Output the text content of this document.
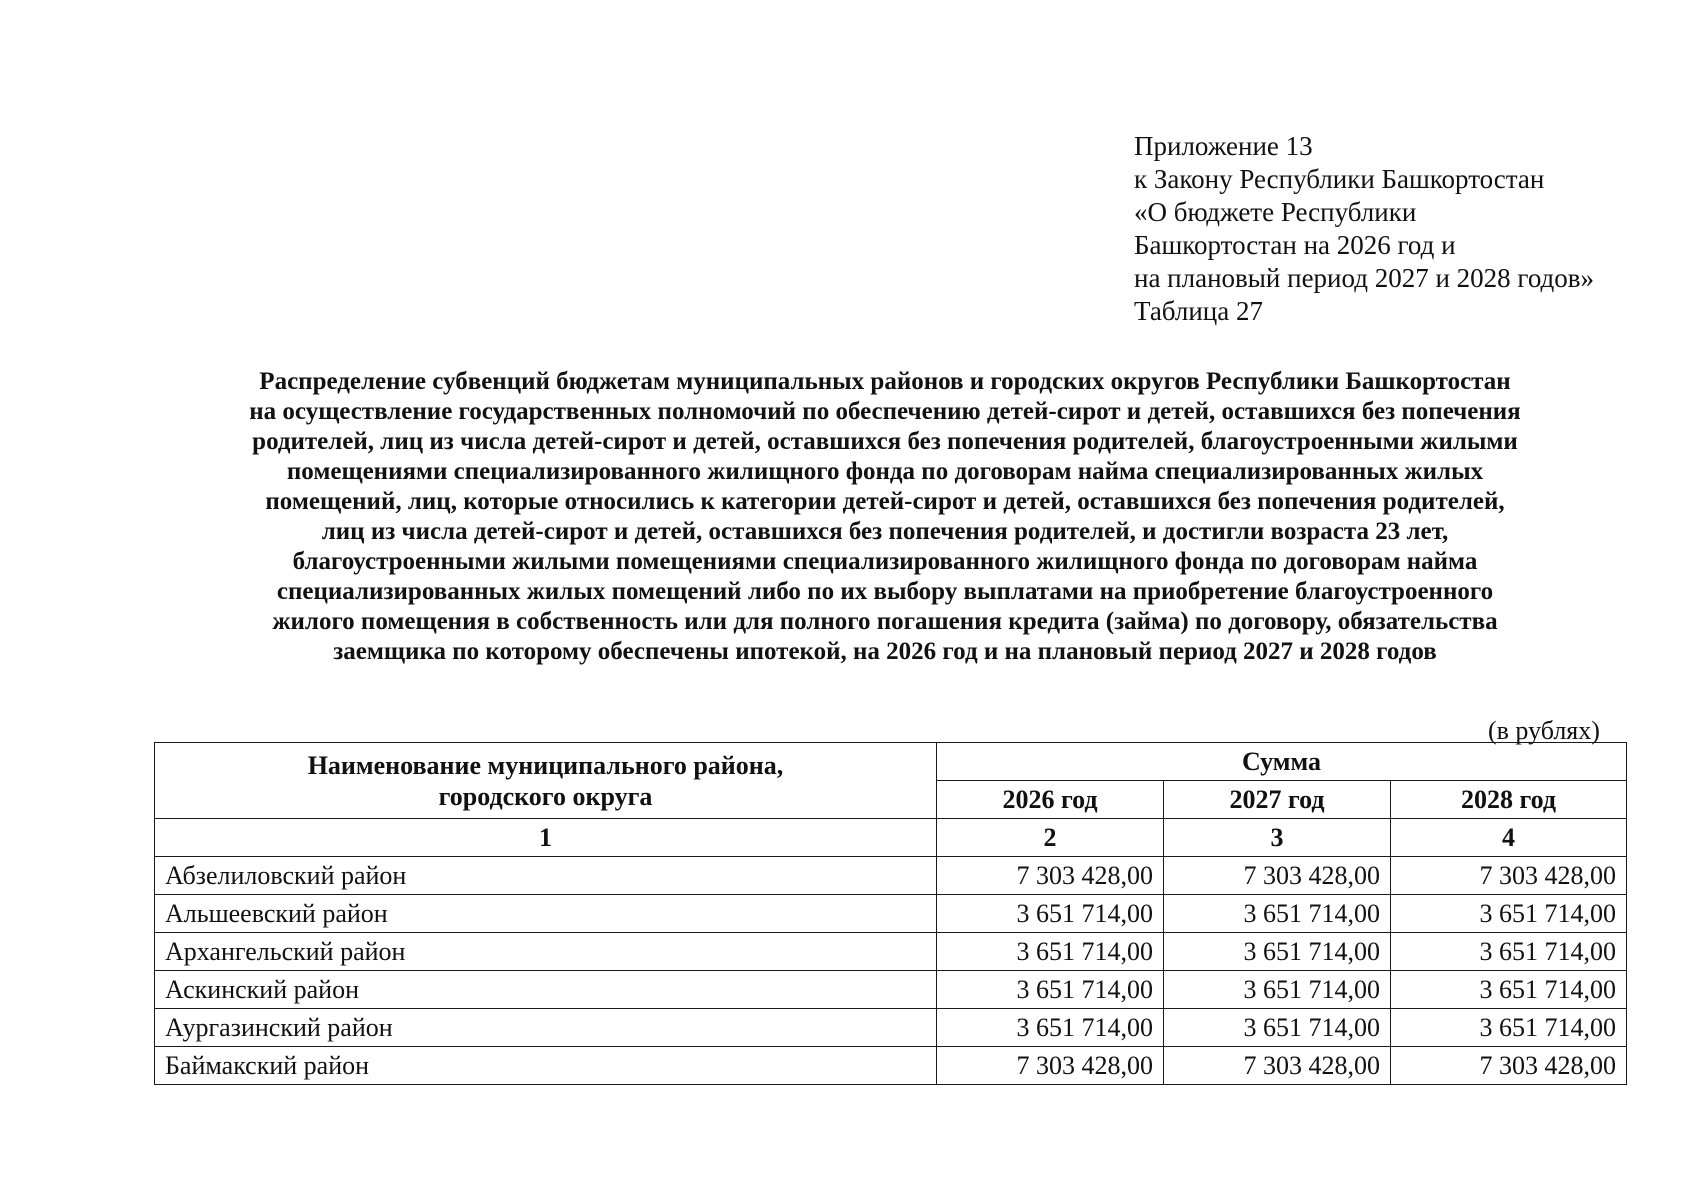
Приложение 13
к Закону Республики Башкортостан
«О бюджете Республики
Башкортостан на 2026 год и
на плановый период 2027 и 2028 годов»
Таблица 27
Распределение субвенций бюджетам муниципальных районов и городских округов Республики Башкортостан
на осуществление государственных полномочий по обеспечению детей-сирот и детей, оставшихся без попечения
родителей, лиц из числа детей-сирот и детей, оставшихся без попечения родителей, благоустроенными жилыми
помещениями специализированного жилищного фонда по договорам найма специализированных жилых
помещений, лиц, которые относились к категории детей-сирот и детей, оставшихся без попечения родителей,
лиц из числа детей-сирот и детей, оставшихся без попечения родителей, и достигли возраста 23 лет,
благоустроенными жилыми помещениями специализированного жилищного фонда по договорам найма
специализированных жилых помещений либо по их выбору выплатами на приобретение благоустроенного
жилого помещения в собственность или для полного погашения кредита (займа) по договору, обязательства
заемщика по которому обеспечены ипотекой, на 2026 год и на плановый период 2027 и 2028 годов
(в рублях)
Наименование муниципального района,
городского округа	Сумма		
	2026 год	2027 год	2028 год
1	2	3	4
Абзелиловский район	7 303 428,00	7 303 428,00	7 303 428,00
Альшеевский район	3 651 714,00	3 651 714,00	3 651 714,00
Архангельский район	3 651 714,00	3 651 714,00	3 651 714,00
Аскинский район	3 651 714,00	3 651 714,00	3 651 714,00
Аургазинский район	3 651 714,00	3 651 714,00	3 651 714,00
Баймакский район	7 303 428,00	7 303 428,00	7 303 428,00
